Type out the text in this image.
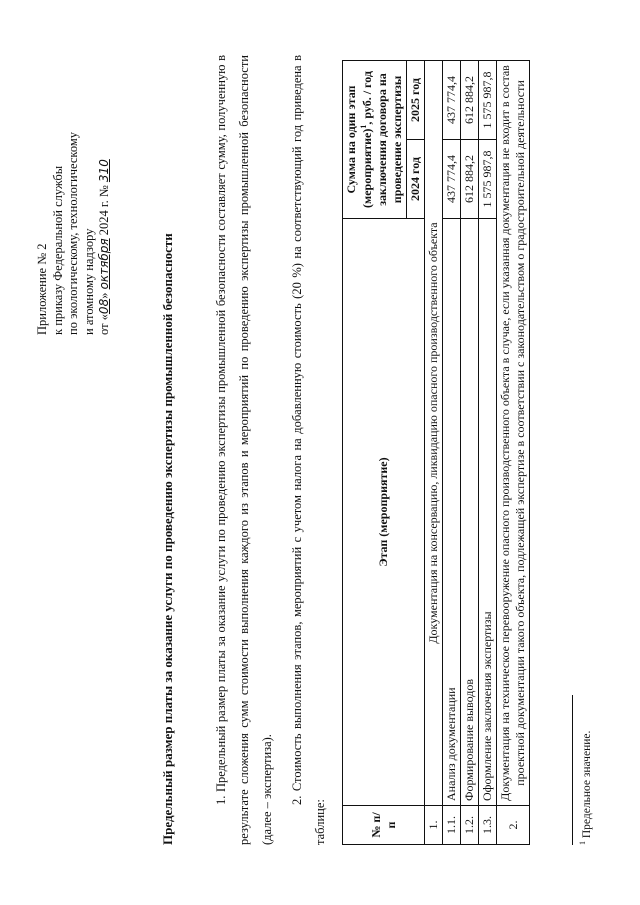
Приложение № 2 к приказу Федеральной службы по экологическому, технологическому и атомному надзору от «08» октября 2024 г. № 310
Предельный размер платы за оказание услуги по проведению экспертизы промышленной безопасности	1. Предельный размер платы за оказание услуги по проведению экспертизы промышленной безопасности составляет сумму, полученную в результате сложения сумм стоимости выполнения каждого из этапов и мероприятий по проведению экспертизы промышленной безопасности (далее – экспертиза).	2. Стоимость выполнения этапов, мероприятий с учетом налога на добавленную стоимость (20 %) на соответствующий год приведена в таблице:	№ п/п	Этап (мероприятие)	Сумма на один этап (мероприятие)$^1$, руб. / год заключения договора на проведение экспертизы	
		2024 год	2025 год
1.	Документация на консервацию, ликвидацию опасного производственного объекта		
1.1.	Анализ документации	437 774,4	437 774,4
1.2.	Формирование выводов	612 884,2	612 884,2
1.3.	Оформление заключения экспертизы	1 575 987,8	1 575 987,8
2.	Документация на техническое перевооружение опасного производственного объекта в случае, если указанная документация не входит в состав проектной документации такого объекта, подлежащей экспертизе в соответствии с законодательством о градостроительной деятельности		
$^1$ Предельное значение.
